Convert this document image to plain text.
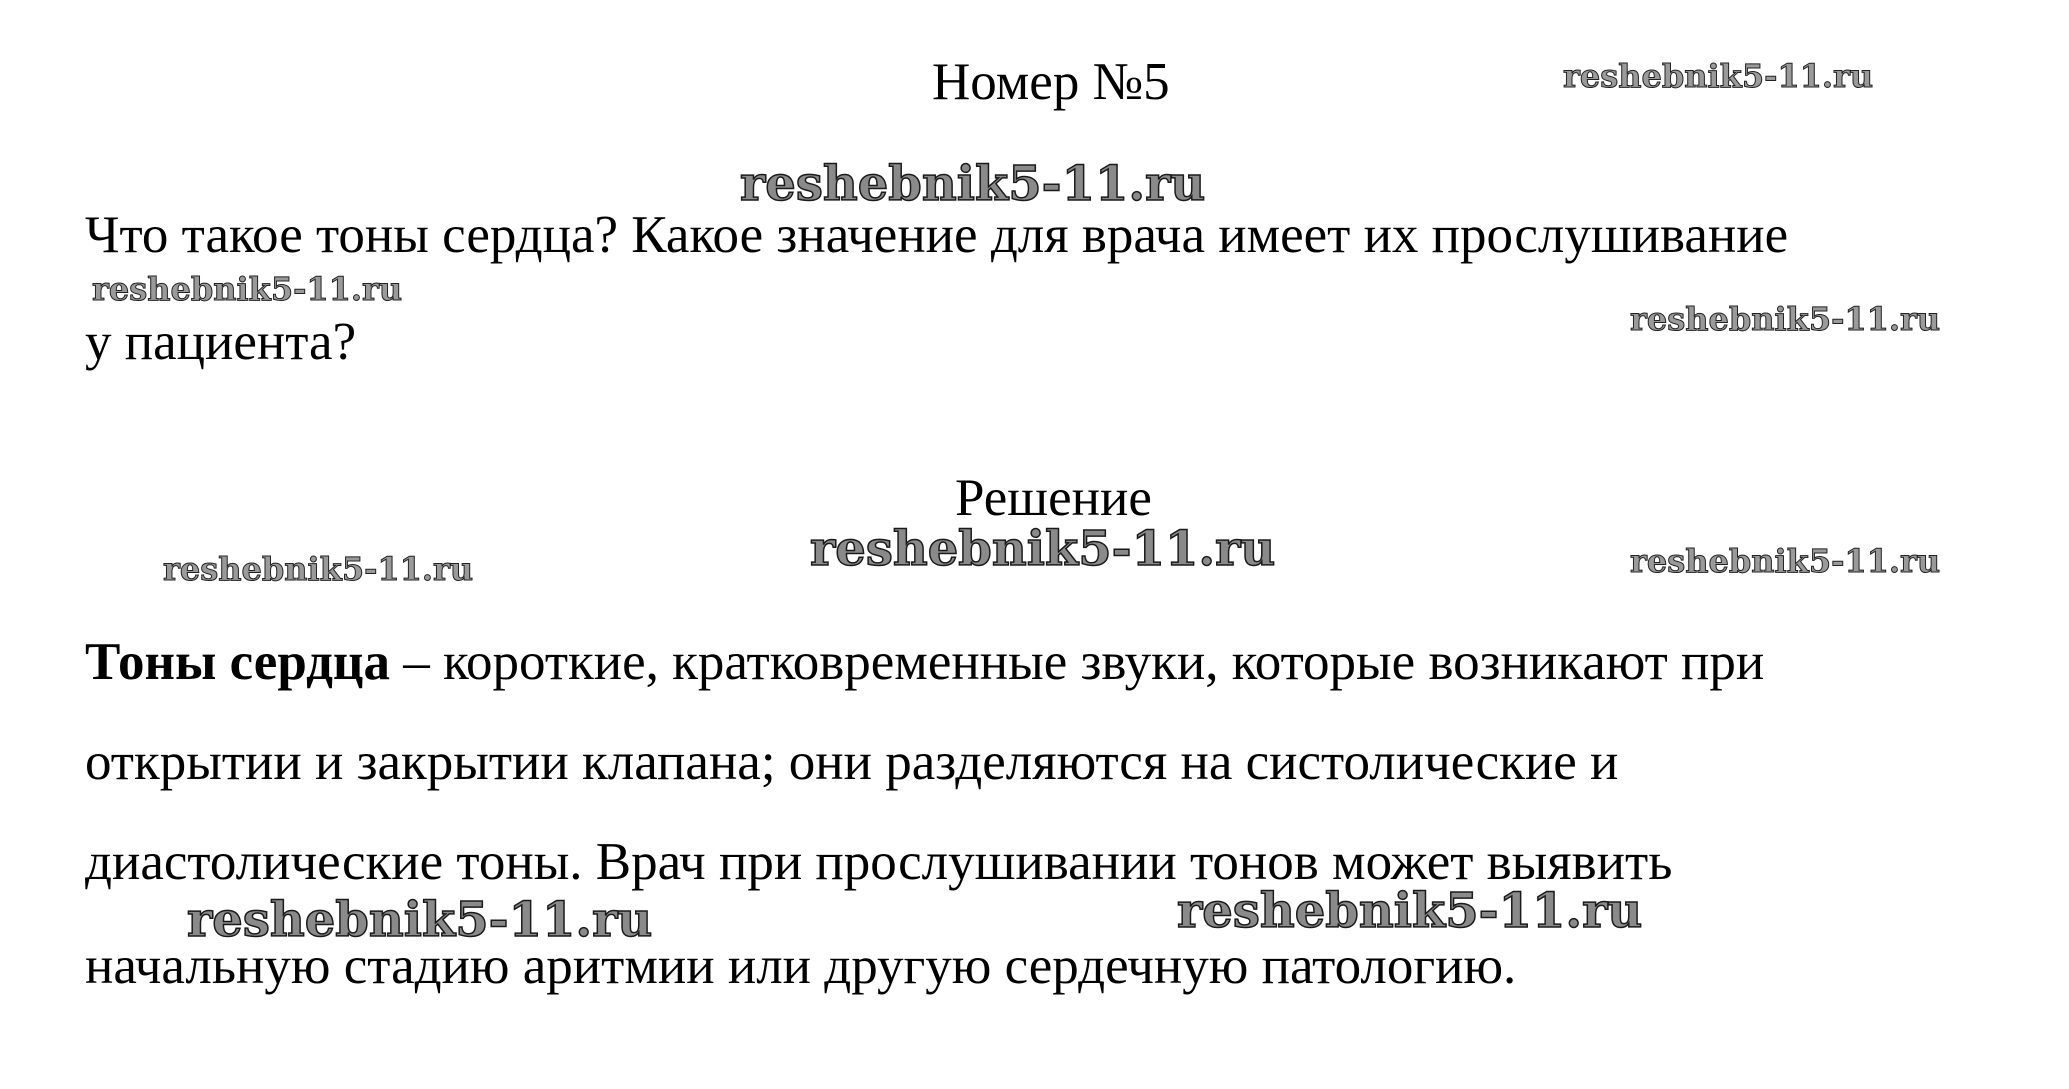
Номер №5
Что такое тоны сердца? Какое значение для врача имеет их прослушивание
у пациента?
Решение
Тоны сердца – короткие, кратковременные звуки, которые возникают при
открытии и закрытии клапана; они разделяются на систолические и
диастолические тоны. Врач при прослушивании тонов может выявить
начальную стадию аритмии или другую сердечную патологию.
reshebnik5-11.ru
reshebnik5-11.ru
reshebnik5-11.ru
reshebnik5-11.ru
reshebnik5-11.ru
reshebnik5-11.ru	reshebnik5-11.ru
reshebnik5-11.ru	reshebnik5-11.ru
